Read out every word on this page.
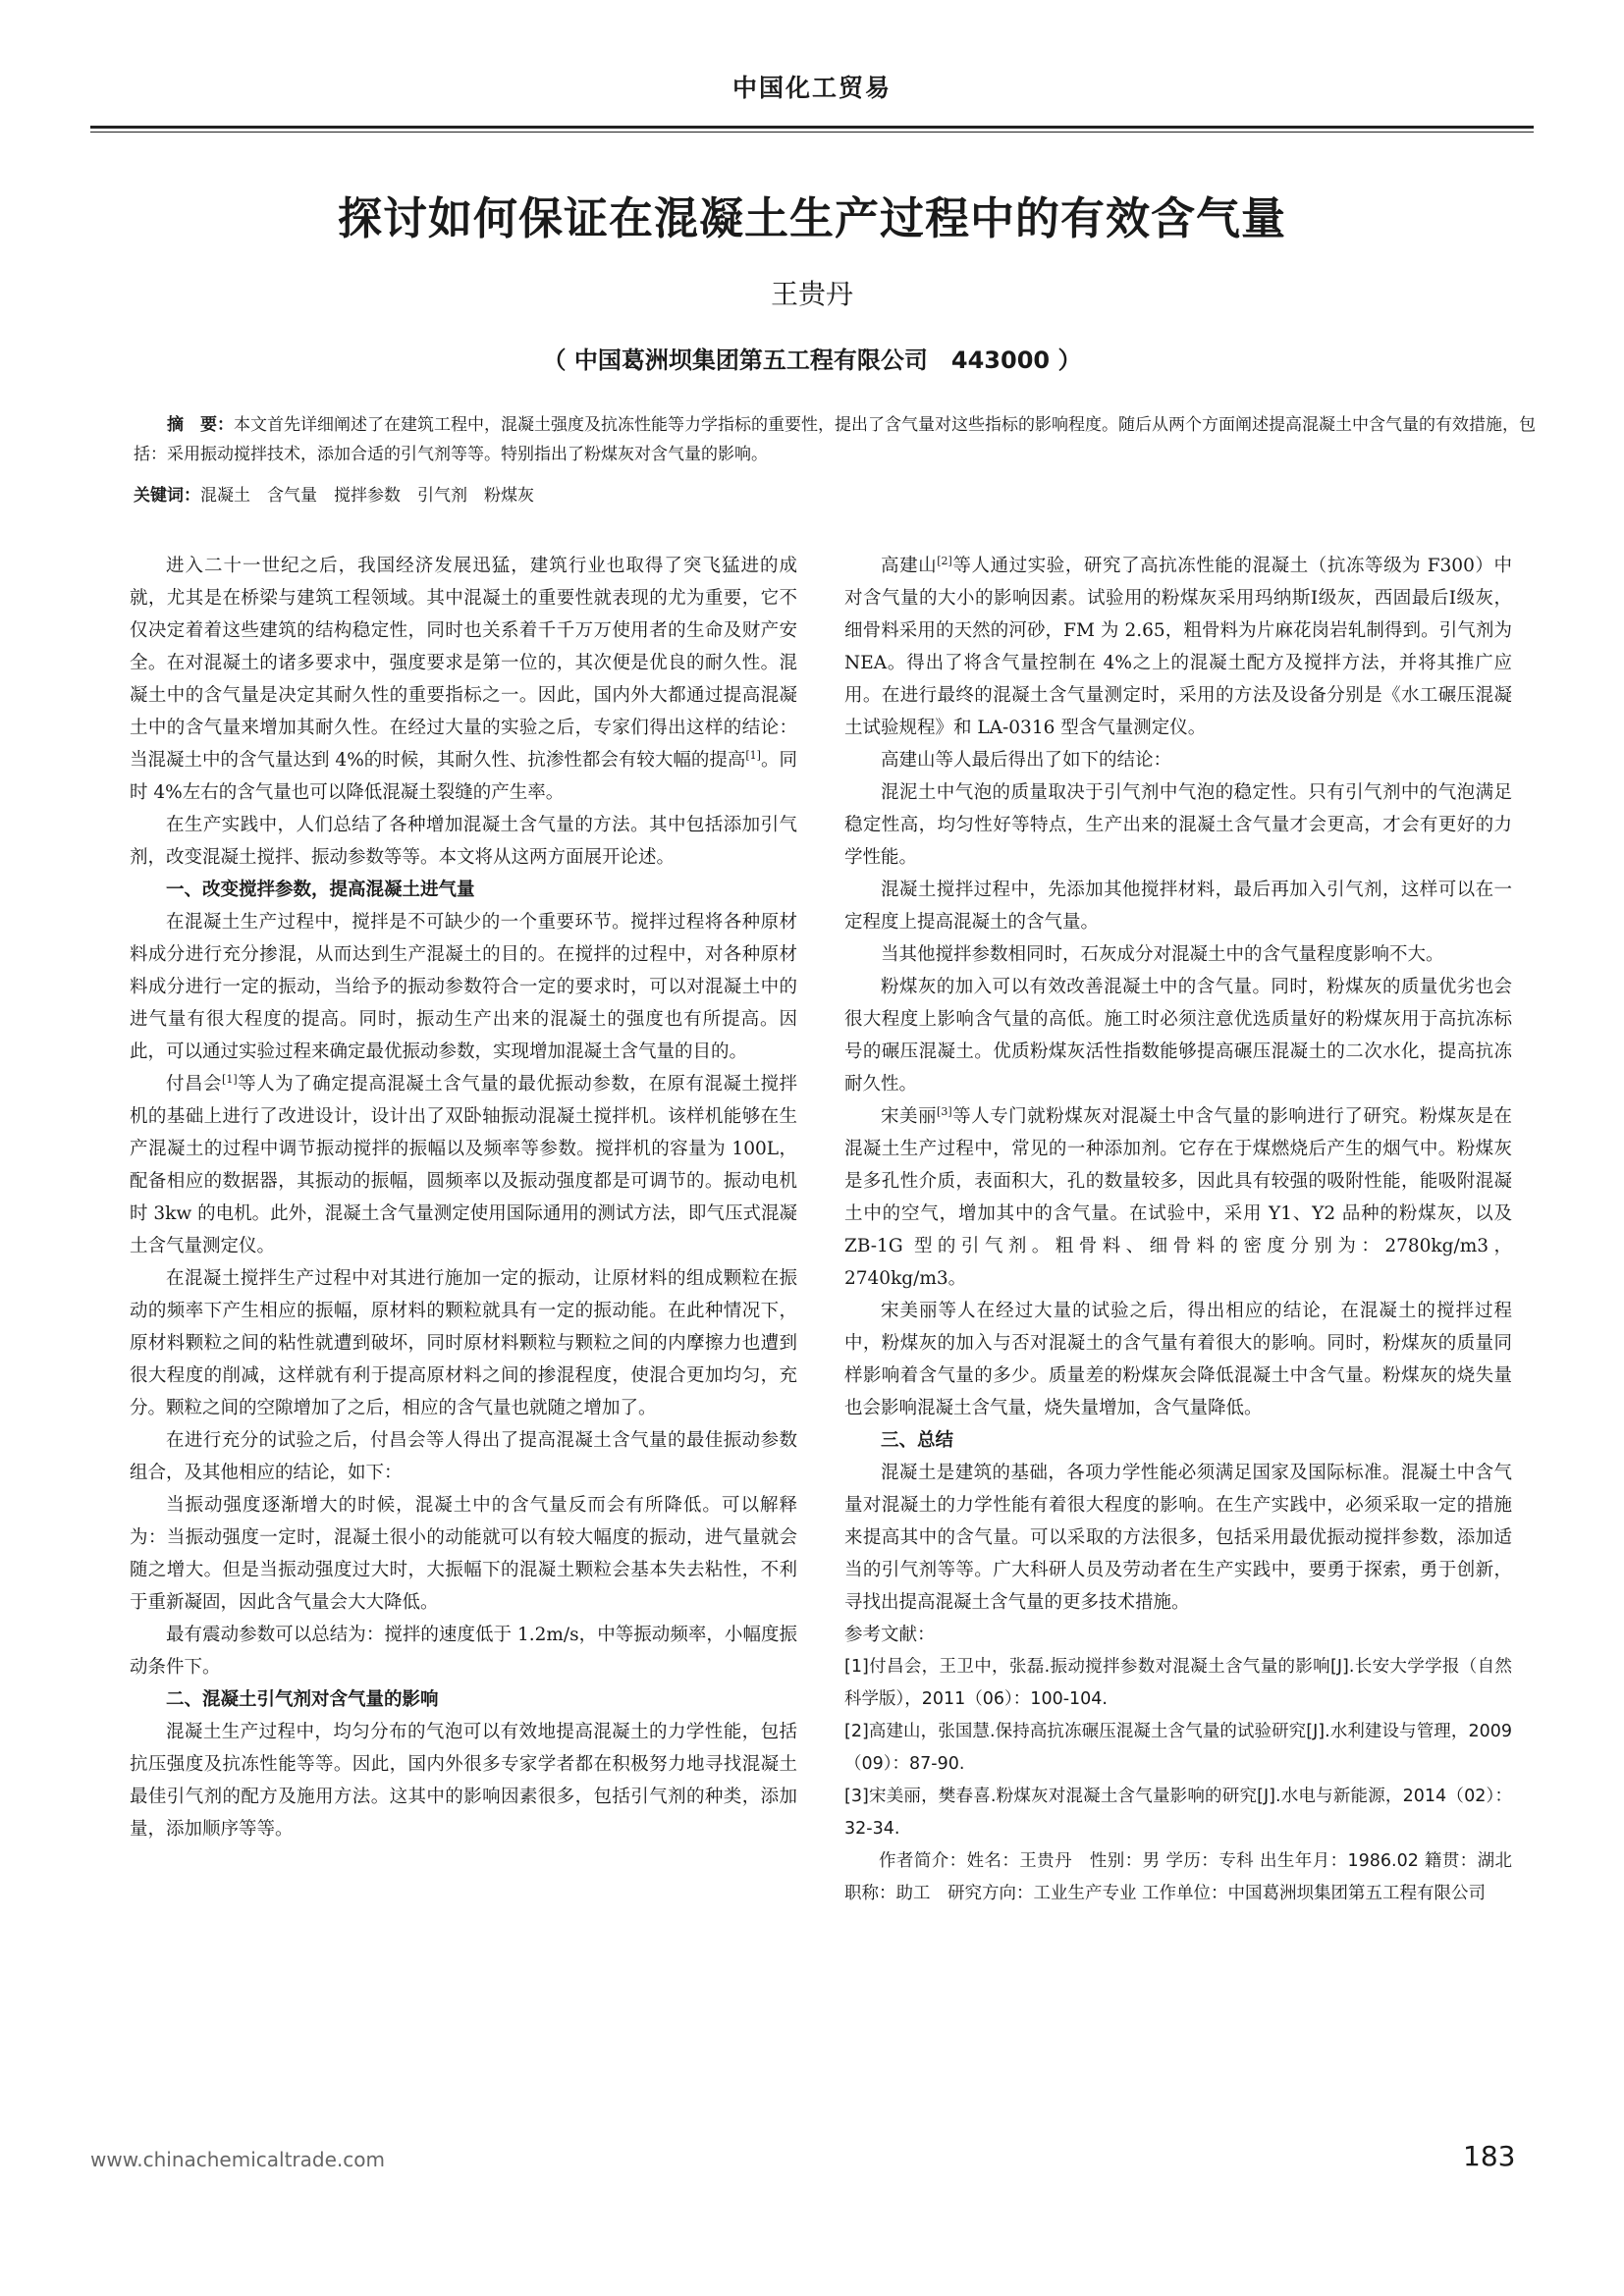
中国化工贸易
探讨如何保证在混凝土生产过程中的有效含气量
王贵丹
（ 中国葛洲坝集团第五工程有限公司　443000 ）

摘　要：本文首先详细阐述了在建筑工程中，混凝土强度及抗冻性能等力学指标的重要性，提出了含气量对这些指标的影响程度。随后从两个方面阐述提高混凝土中含气量的有效措施，包括：采用振动搅拌技术，添加合适的引气剂等等。特别指出了粉煤灰对含气量的影响。

关键词：混凝土　含气量　搅拌参数　引气剂　粉煤灰

进入二十一世纪之后，我国经济发展迅猛，建筑行业也取得了突飞猛进的成就，尤其是在桥梁与建筑工程领域。其中混凝土的重要性就表现的尤为重要，它不仅决定着着这些建筑的结构稳定性，同时也关系着千千万万使用者的生命及财产安全。在对混凝土的诸多要求中，强度要求是第一位的，其次便是优良的耐久性。混凝土中的含气量是决定其耐久性的重要指标之一。因此，国内外大都通过提高混凝土中的含气量来增加其耐久性。在经过大量的实验之后，专家们得出这样的结论：当混凝土中的含气量达到 4%的时候，其耐久性、抗渗性都会有较大幅的提高[1]。同时 4%左右的含气量也可以降低混凝土裂缝的产生率。

在生产实践中，人们总结了各种增加混凝土含气量的方法。其中包括添加引气剂，改变混凝土搅拌、振动参数等等。本文将从这两方面展开论述。

一、改变搅拌参数，提高混凝土进气量

在混凝土生产过程中，搅拌是不可缺少的一个重要环节。搅拌过程将各种原材料成分进行充分掺混，从而达到生产混凝土的目的。在搅拌的过程中，对各种原材料成分进行一定的振动，当给予的振动参数符合一定的要求时，可以对混凝土中的进气量有很大程度的提高。同时，振动生产出来的混凝土的强度也有所提高。因此，可以通过实验过程来确定最优振动参数，实现增加混凝土含气量的目的。

付昌会[1]等人为了确定提高混凝土含气量的最优振动参数，在原有混凝土搅拌机的基础上进行了改进设计，设计出了双卧轴振动混凝土搅拌机。该样机能够在生产混凝土的过程中调节振动搅拌的振幅以及频率等参数。搅拌机的容量为 100L，配备相应的数据器，其振动的振幅，圆频率以及振动强度都是可调节的。振动电机时 3kw 的电机。此外，混凝土含气量测定使用国际通用的测试方法，即气压式混凝土含气量测定仪。

在混凝土搅拌生产过程中对其进行施加一定的振动，让原材料的组成颗粒在振动的频率下产生相应的振幅，原材料的颗粒就具有一定的振动能。在此种情况下，原材料颗粒之间的粘性就遭到破坏，同时原材料颗粒与颗粒之间的内摩擦力也遭到很大程度的削减，这样就有利于提高原材料之间的掺混程度，使混合更加均匀，充分。颗粒之间的空隙增加了之后，相应的含气量也就随之增加了。

在进行充分的试验之后，付昌会等人得出了提高混凝土含气量的最佳振动参数组合，及其他相应的结论，如下：

当振动强度逐渐增大的时候，混凝土中的含气量反而会有所降低。可以解释为：当振动强度一定时，混凝土很小的动能就可以有较大幅度的振动，进气量就会随之增大。但是当振动强度过大时，大振幅下的混凝土颗粒会基本失去粘性，不利于重新凝固，因此含气量会大大降低。

最有震动参数可以总结为：搅拌的速度低于 1.2m/s，中等振动频率，小幅度振动条件下。

二、混凝土引气剂对含气量的影响

混凝土生产过程中，均匀分布的气泡可以有效地提高混凝土的力学性能，包括抗压强度及抗冻性能等等。因此，国内外很多专家学者都在积极努力地寻找混凝土最佳引气剂的配方及施用方法。这其中的影响因素很多，包括引气剂的种类，添加量，添加顺序等等。

高建山[2]等人通过实验，研究了高抗冻性能的混凝土（抗冻等级为 F300）中对含气量的大小的影响因素。试验用的粉煤灰采用玛纳斯Ⅰ级灰，西固最后Ⅰ级灰，细骨料采用的天然的河砂，FM 为 2.65，粗骨料为片麻花岗岩轧制得到。引气剂为 NEA。得出了将含气量控制在 4%之上的混凝土配方及搅拌方法，并将其推广应用。在进行最终的混凝土含气量测定时，采用的方法及设备分别是《水工碾压混凝土试验规程》和 LA-0316 型含气量测定仪。

高建山等人最后得出了如下的结论：

混泥土中气泡的质量取决于引气剂中气泡的稳定性。只有引气剂中的气泡满足稳定性高，均匀性好等特点，生产出来的混凝土含气量才会更高，才会有更好的力学性能。

混凝土搅拌过程中，先添加其他搅拌材料，最后再加入引气剂，这样可以在一定程度上提高混凝土的含气量。

当其他搅拌参数相同时，石灰成分对混凝土中的含气量程度影响不大。

粉煤灰的加入可以有效改善混凝土中的含气量。同时，粉煤灰的质量优劣也会很大程度上影响含气量的高低。施工时必须注意优选质量好的粉煤灰用于高抗冻标号的碾压混凝土。优质粉煤灰活性指数能够提高碾压混凝土的二次水化，提高抗冻耐久性。

宋美丽[3]等人专门就粉煤灰对混凝土中含气量的影响进行了研究。粉煤灰是在混凝土生产过程中，常见的一种添加剂。它存在于煤燃烧后产生的烟气中。粉煤灰是多孔性介质，表面积大，孔的数量较多，因此具有较强的吸附性能，能吸附混凝土中的空气，增加其中的含气量。在试验中，采用 Y1、Y2 品种的粉煤灰，以及 ZB-1G 型的引气剂。粗骨料、细骨料的密度分别为：2780kg/m3，2740kg/m3。

宋美丽等人在经过大量的试验之后，得出相应的结论，在混凝土的搅拌过程中，粉煤灰的加入与否对混凝土的含气量有着很大的影响。同时，粉煤灰的质量同样影响着含气量的多少。质量差的粉煤灰会降低混凝土中含气量。粉煤灰的烧失量也会影响混凝土含气量，烧失量增加，含气量降低。

三、总结

混凝土是建筑的基础，各项力学性能必须满足国家及国际标准。混凝土中含气量对混凝土的力学性能有着很大程度的影响。在生产实践中，必须采取一定的措施来提高其中的含气量。可以采取的方法很多，包括采用最优振动搅拌参数，添加适当的引气剂等等。广大科研人员及劳动者在生产实践中，要勇于探索，勇于创新，寻找出提高混凝土含气量的更多技术措施。

参考文献：

[1]付昌会，王卫中，张磊.振动搅拌参数对混凝土含气量的影响[J].长安大学学报（自然科学版），2011（06）：100-104.

[2]高建山，张国慧.保持高抗冻碾压混凝土含气量的试验研究[J].水利建设与管理，2009（09）：87-90.

[3]宋美丽，樊春喜.粉煤灰对混凝土含气量影响的研究[J].水电与新能源，2014（02）：32-34.

作者简介：姓名：王贵丹　性别：男 学历：专科 出生年月：1986.02 籍贯：湖北 职称：助工　研究方向：工业生产专业 工作单位：中国葛洲坝集团第五工程有限公司

www.chinachemicaltrade.com	183
